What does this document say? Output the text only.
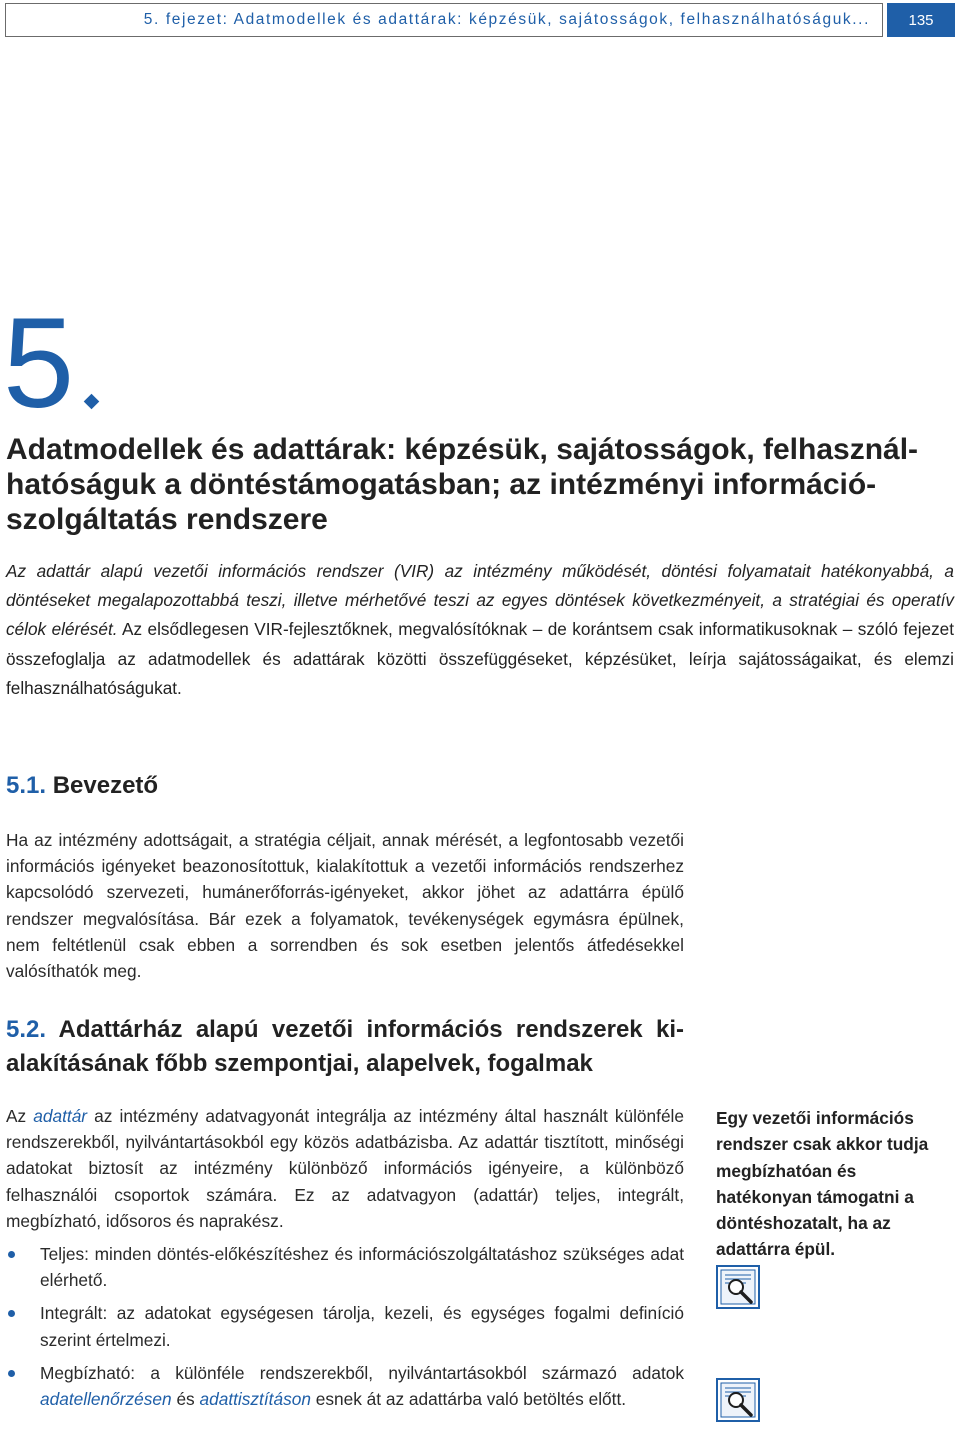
5. fejezet: Adatmodellek és adattárak: képzésük, sajátosságok, felhasználhatóságuk...	135
5
Adatmodellek és adattárak: képzésük, sajátosságok, felhasználhatóságuk a döntéstámogatásban; az intézményi információszolgáltatás rendszere

Az adattár alapú vezetői információs rendszer (VIR) az intézmény működését, döntési folyamatait hatékonyabbá, a döntéseket megalapozottabbá teszi, illetve mérhetővé teszi az egyes döntések következményeit, a stratégiai és operatív célok elérését. Az elsődlegesen VIR-fejlesztőknek, megvalósítóknak – de korántsem csak informatikusoknak – szóló fejezet összefoglalja az adatmodellek és adattárak közötti összefüggéseket, képzésüket, leírja sajátosságaikat, és elemzi felhasználhatóságukat.

5.1. Bevezető

Ha az intézmény adottságait, a stratégia céljait, annak mérését, a legfontosabb vezetői információs igényeket beazonosítottuk, kialakítottuk a vezetői információs rendszerhez kapcsolódó szervezeti, humánerőforrás-igényeket, akkor jöhet az adattárra épülő rendszer megvalósítása. Bár ezek a folyamatok, tevékenységek egymásra épülnek, nem feltétlenül csak ebben a sorrendben és sok esetben jelentős átfedésekkel valósíthatók meg.

5.2. Adattárház alapú vezetői információs rendszerek kialakításának főbb szempontjai, alapelvek, fogalmak

Az adattár az intézmény adatvagyonát integrálja az intézmény által használt különféle rendszerekből, nyilvántartásokból egy közös adatbázisba. Az adattár tisztított, minőségi adatokat biztosít az intézmény különböző információs igényeire, a különböző felhasználói csoportok számára. Ez az adatvagyon (adattár) teljes, integrált, megbízható, idősoros és naprakész.

Teljes: minden döntés-előkészítéshez és információszolgáltatáshoz szükséges adat elérhető.
Integrált: az adatokat egységesen tárolja, kezeli, és egységes fogalmi definíció szerint értelmezi.
Megbízható: a különféle rendszerekből, nyilvántartásokból származó adatok adatellenőrzésen és adattisztításon esnek át az adattárba való betöltés előtt.

Egy vezetői információs rendszer csak akkor tudja megbízhatóan és hatékonyan támogatni a döntéshozatalt, ha az adattárra épül.
